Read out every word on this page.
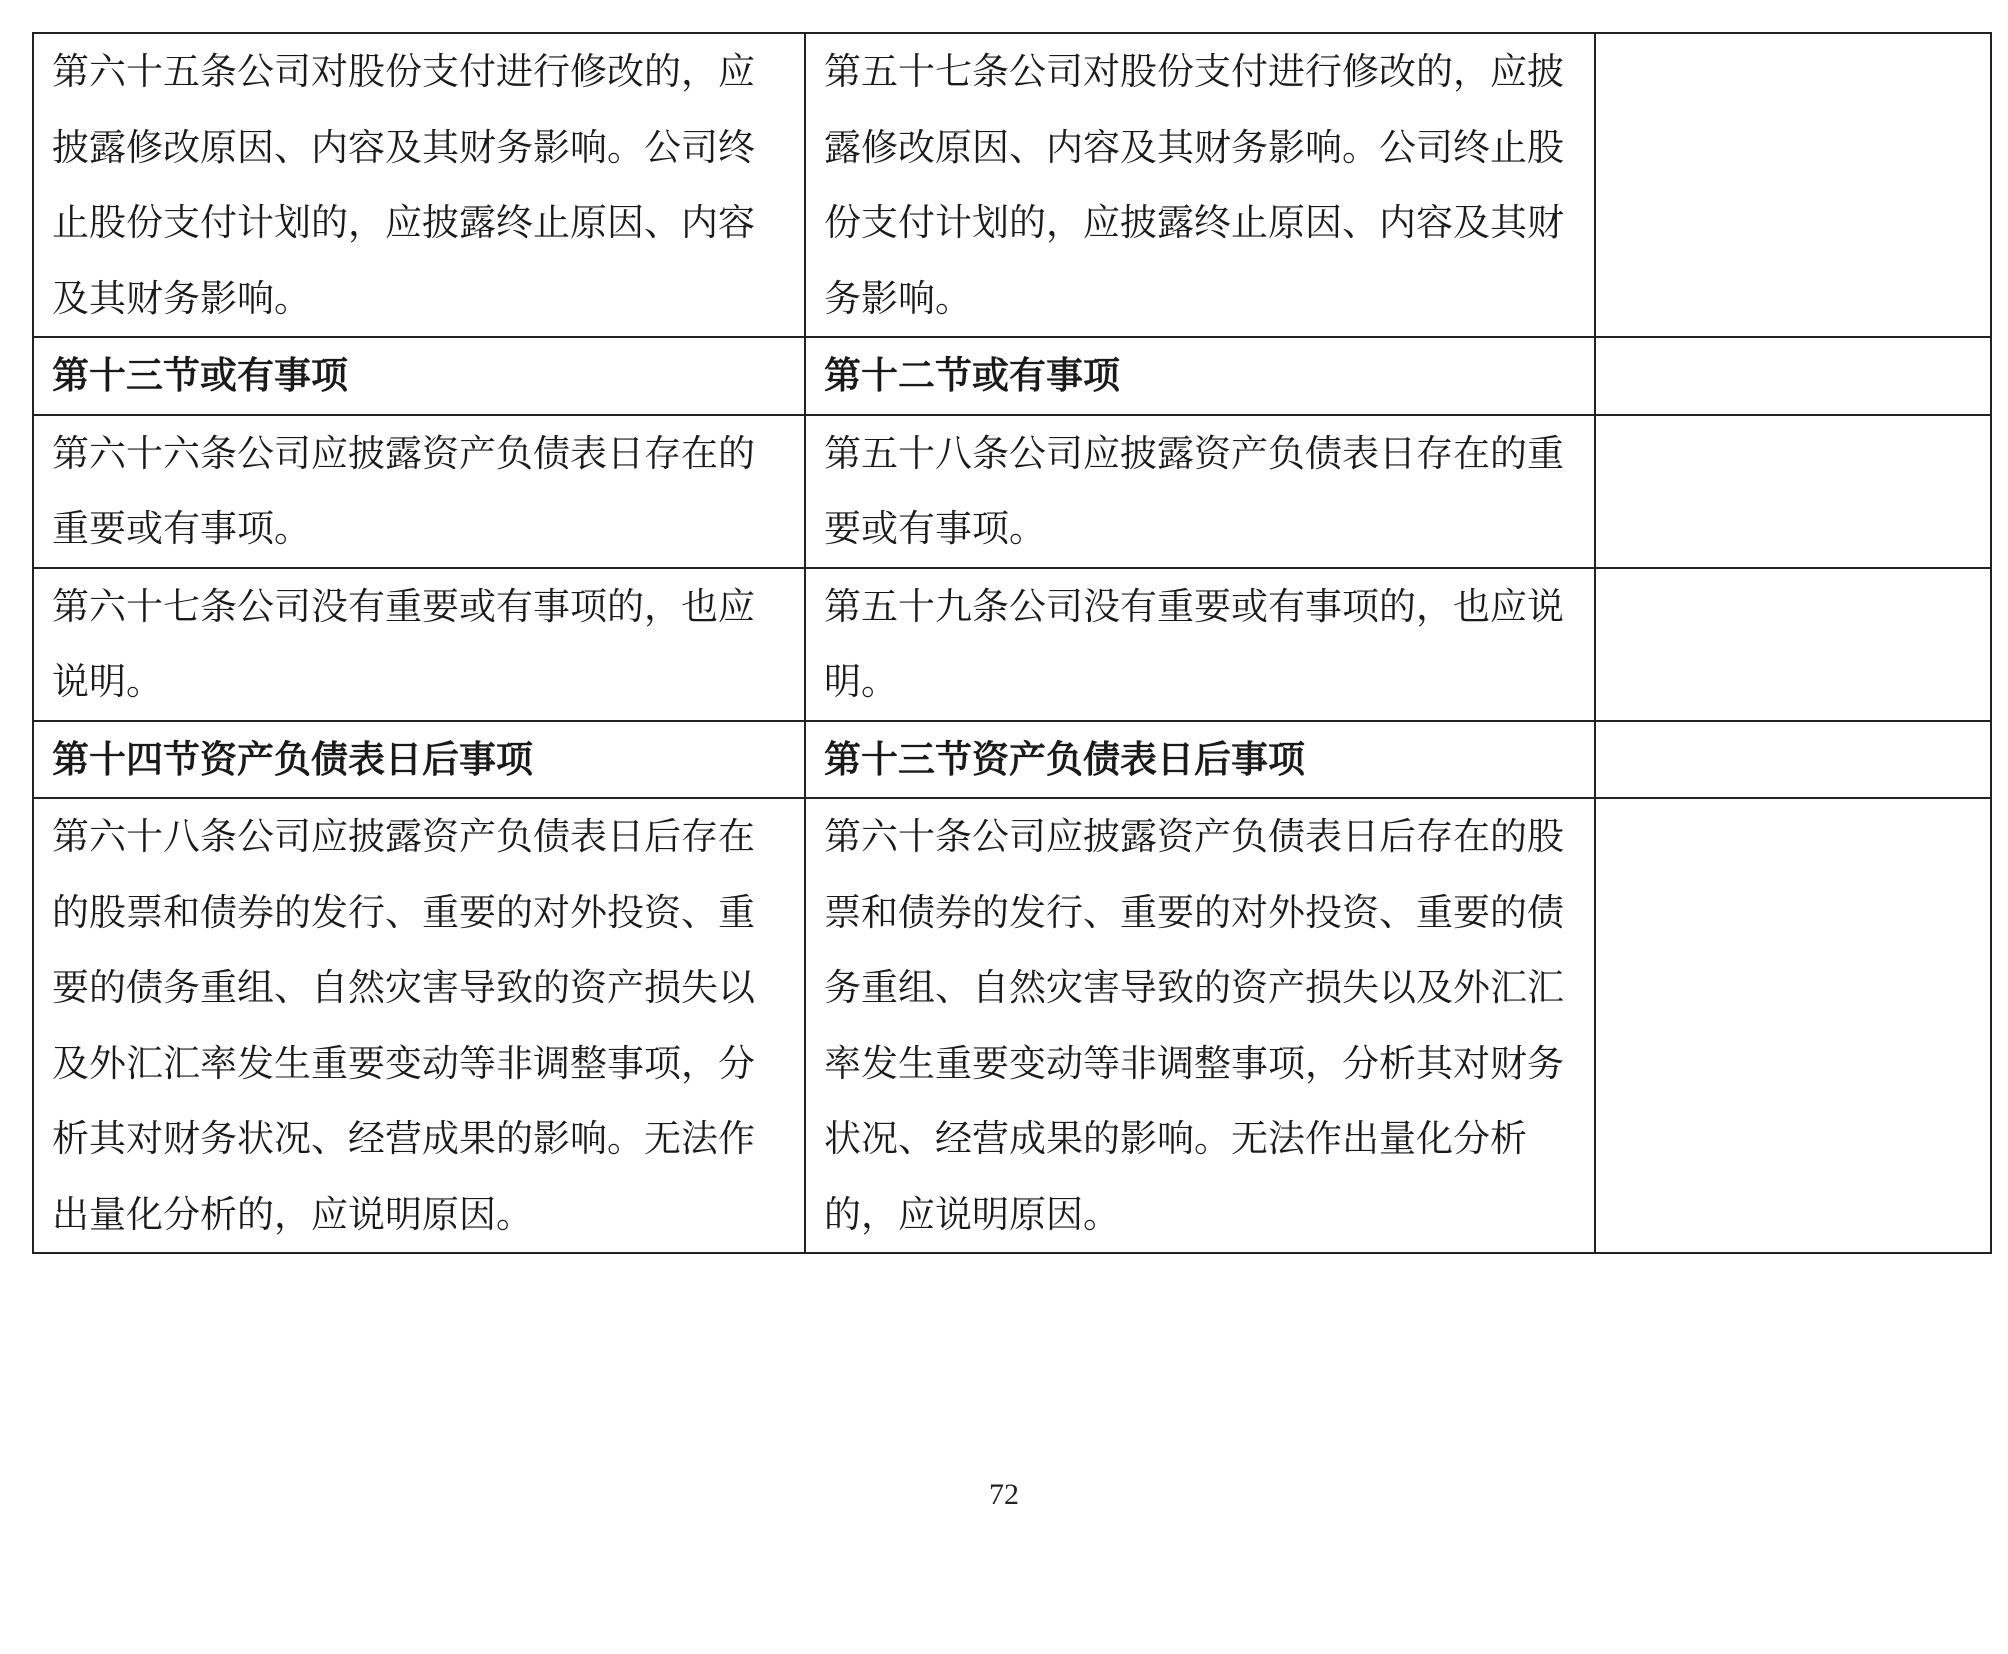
第六十五条公司对股份支付进行修改的，应披露修改原因、内容及其财务影响。公司终止股份支付计划的，应披露终止原因、内容及其财务影响。	第五十七条公司对股份支付进行修改的，应披露修改原因、内容及其财务影响。公司终止股份支付计划的，应披露终止原因、内容及其财务影响。	
第十三节或有事项	第十二节或有事项	
第六十六条公司应披露资产负债表日存在的重要或有事项。	第五十八条公司应披露资产负债表日存在的重要或有事项。	
第六十七条公司没有重要或有事项的，也应说明。	第五十九条公司没有重要或有事项的，也应说明。	
第十四节资产负债表日后事项	第十三节资产负债表日后事项	
第六十八条公司应披露资产负债表日后存在的股票和债券的发行、重要的对外投资、重要的债务重组、自然灾害导致的资产损失以及外汇汇率发生重要变动等非调整事项，分析其对财务状况、经营成果的影响。无法作出量化分析的，应说明原因。	第六十条公司应披露资产负债表日后存在的股票和债券的发行、重要的对外投资、重要的债务重组、自然灾害导致的资产损失以及外汇汇率发生重要变动等非调整事项，分析其对财务状况、经营成果的影响。无法作出量化分析的，应说明原因。	
72
